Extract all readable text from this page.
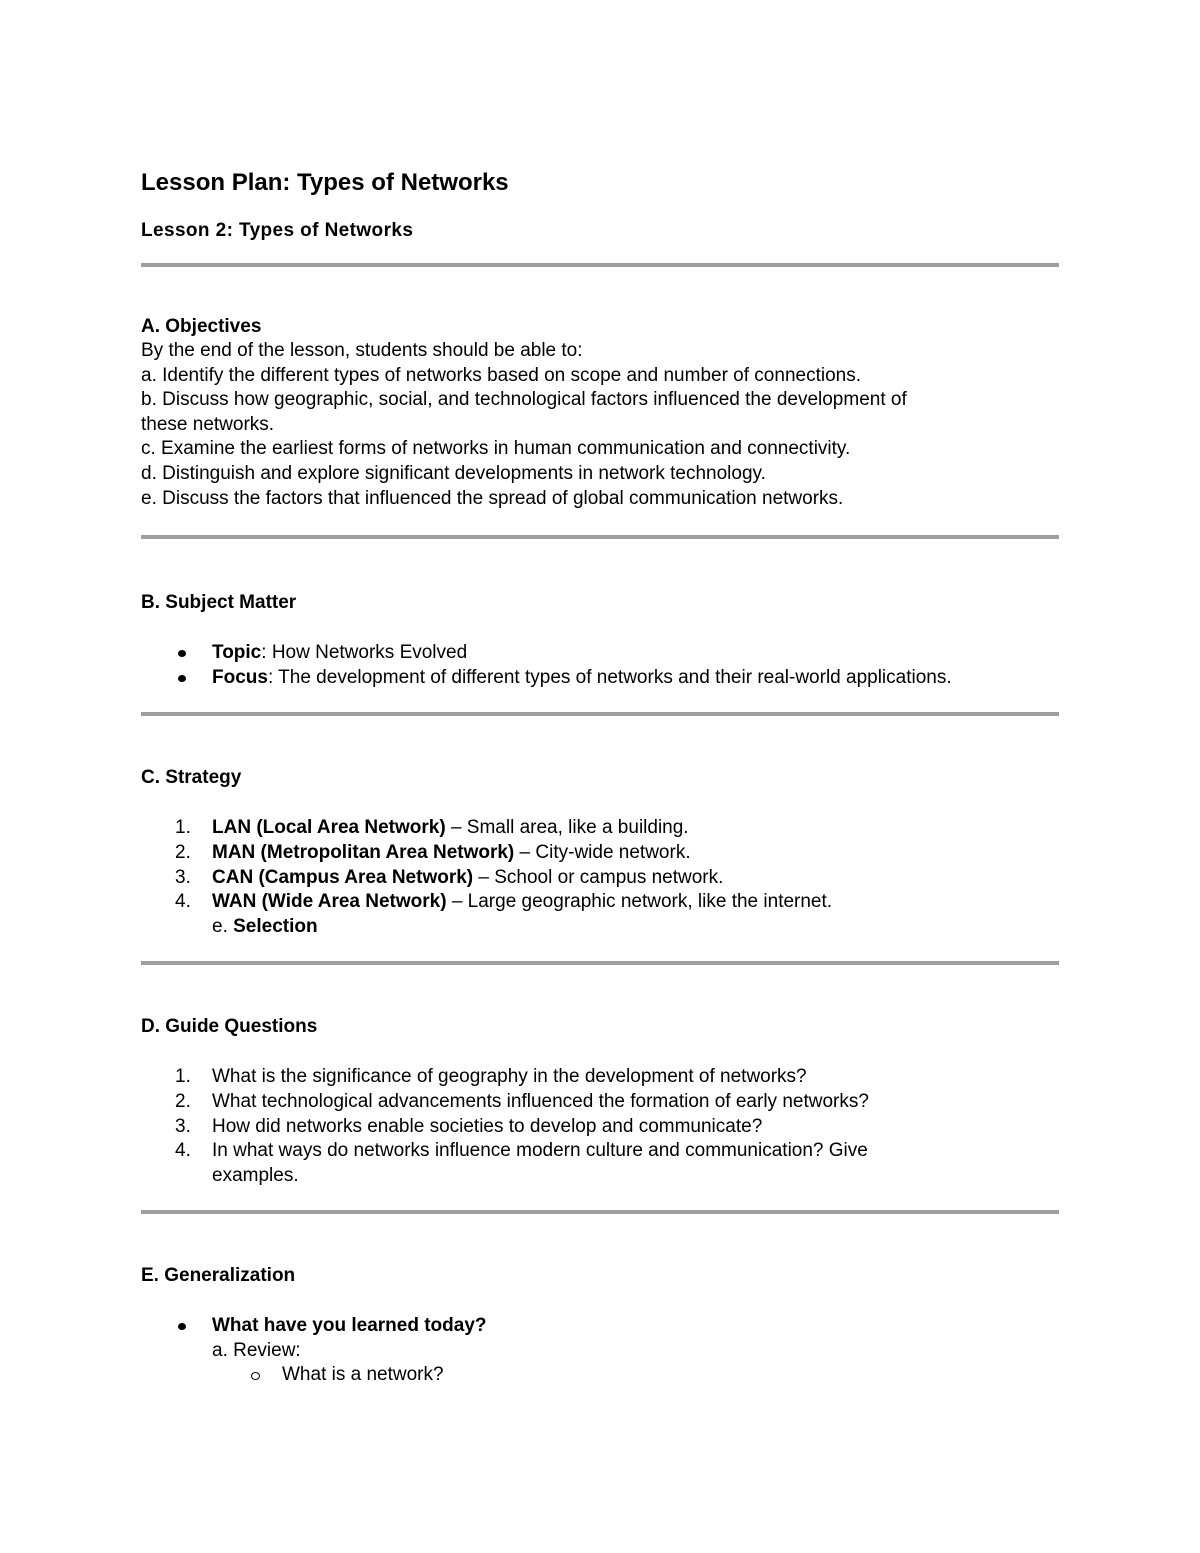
Lesson Plan: Types of Networks
Lesson 2: Types of Networks
A. Objectives
By the end of the lesson, students should be able to:
a. Identify the different types of networks based on scope and number of connections.
b. Discuss how geographic, social, and technological factors influenced the development of
these networks.
c. Examine the earliest forms of networks in human communication and connectivity.
d. Distinguish and explore significant developments in network technology.
e. Discuss the factors that influenced the spread of global communication networks.
B. Subject Matter
Topic: How Networks Evolved
Focus: The development of different types of networks and their real-world applications.
C. Strategy
1. LAN (Local Area Network) – Small area, like a building.
2. MAN (Metropolitan Area Network) – City-wide network.
3. CAN (Campus Area Network) – School or campus network.
4. WAN (Wide Area Network) – Large geographic network, like the internet.
e. Selection
D. Guide Questions
1. What is the significance of geography in the development of networks?
2. What technological advancements influenced the formation of early networks?
3. How did networks enable societies to develop and communicate?
4. In what ways do networks influence modern culture and communication? Give
examples.
E. Generalization
What have you learned today?
a. Review:
What is a network?
